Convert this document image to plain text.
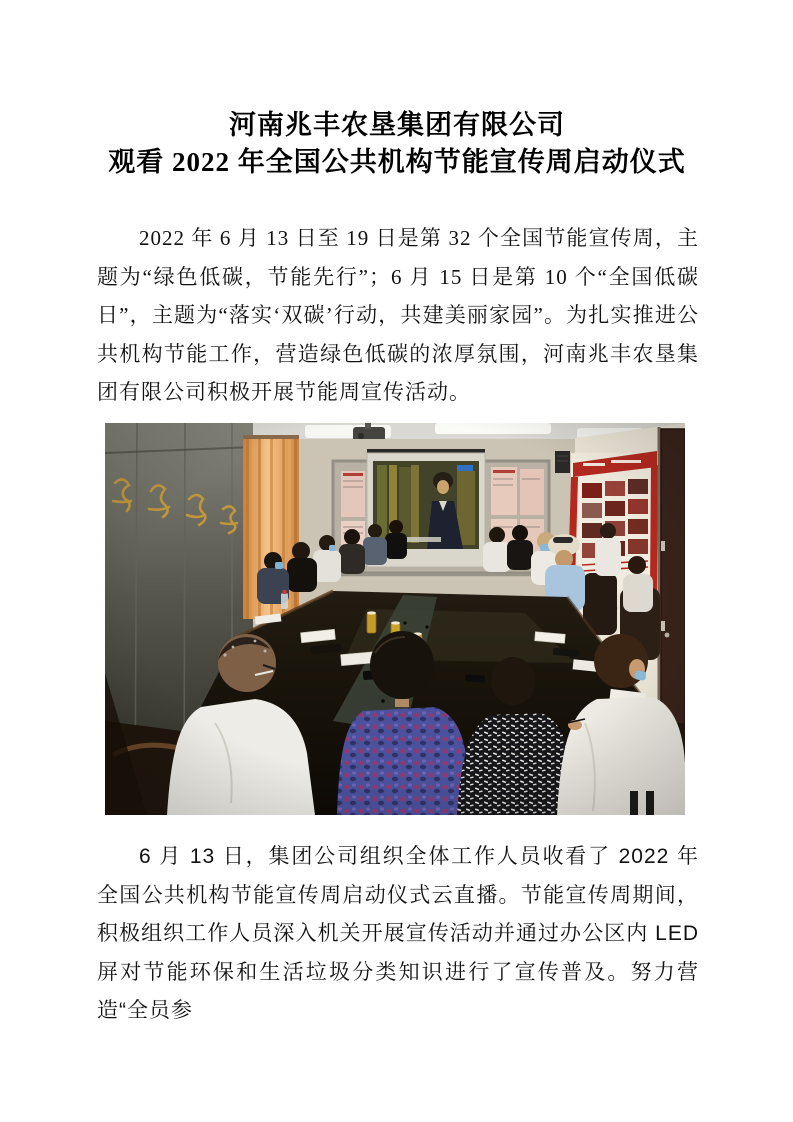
河南兆丰农垦集团有限公司
观看 2022 年全国公共机构节能宣传周启动仪式

2022 年 6 月 13 日至 19 日是第 32 个全国节能宣传周，主题为“绿色低碳，节能先行”；6 月 15 日是第 10 个“全国低碳日”，主题为“落实‘双碳’行动，共建美丽家园”。为扎实推进公共机构节能工作，营造绿色低碳的浓厚氛围，河南兆丰农垦集团有限公司积极开展节能周宣传活动。

6 月 13 日，集团公司组织全体工作人员收看了 2022 年全国公共机构节能宣传周启动仪式云直播。节能宣传周期间，积极组织工作人员深入机关开展宣传活动并通过办公区内 LED 屏对节能环保和生活垃圾分类知识进行了宣传普及。努力营造“全员参
